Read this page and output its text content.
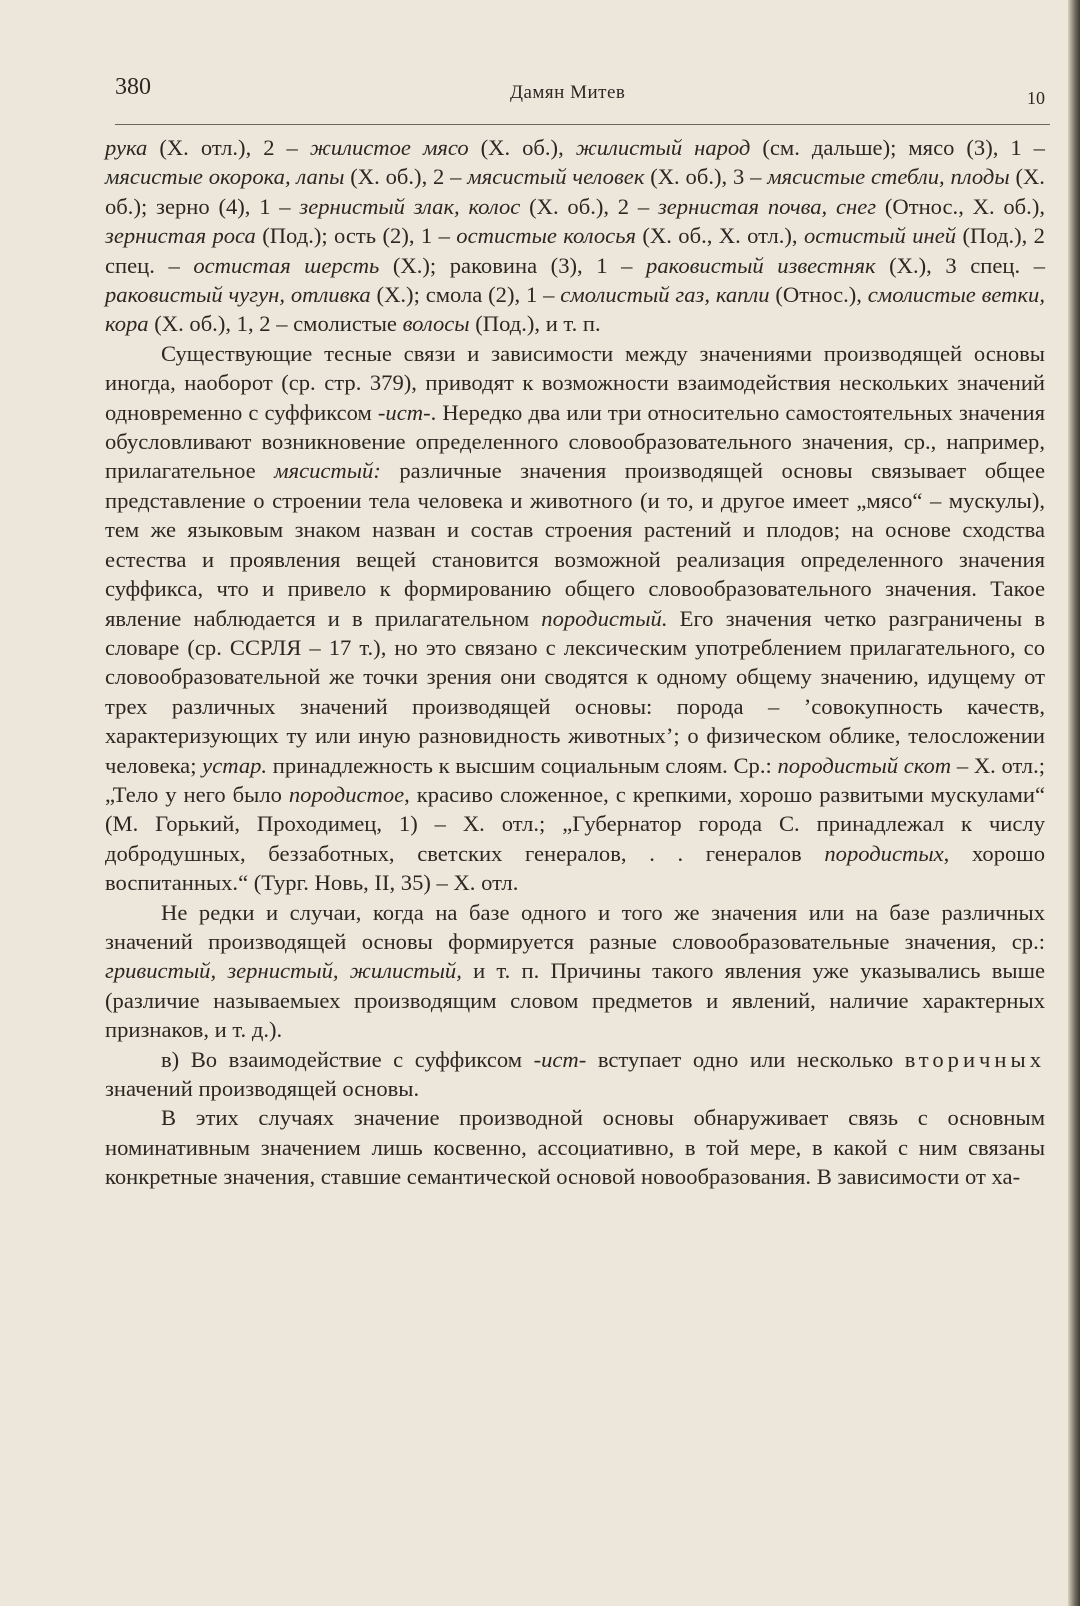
380	Дамян Митев	10

рука (Х. отл.), 2 – жилистое мясо (Х. об.), жилистый народ (см. дальше); мясо (3), 1 – мясистые окорока, лапы (Х. об.), 2 – мясистый человек (Х. об.), 3 – мясистые стебли, плоды (Х. об.); зерно (4), 1 – зернистый злак, колос (Х. об.), 2 – зернистая почва, снег (Относ., Х. об.), зернистая роса (Под.); ость (2), 1 – остистые колосья (Х. об., Х. отл.), остистый иней (Под.), 2 спец. – остистая шерсть (Х.); раковина (3), 1 – раковистый известняк (Х.), 3 спец. – раковистый чугун, отливка (Х.); смола (2), 1 – смолистый газ, капли (Относ.), смолистые ветки, кора (Х. об.), 1, 2 – смолистые волосы (Под.), и т. п.

Существующие тесные связи и зависимости между значениями производящей основы иногда, наоборот (ср. стр. 379), приводят к возможности взаимодействия нескольких значений одновременно с суффиксом -ист-. Нередко два или три относительно самостоятельных значения обусловливают возникновение определенного словообразовательного значения, ср., например, прилагательное мясистый: различные значения производящей основы связывает общее представление о строении тела человека и животного (и то, и другое имеет „мясо“ – мускулы), тем же языковым знаком назван и состав строения растений и плодов; на основе сходства естества и проявления вещей становится возможной реализация определенного значения суффикса, что и привело к формированию общего словообразовательного значения. Такое явление наблюдается и в прилагательном породистый. Его значения четко разграничены в словаре (ср. ССРЛЯ – 17 т.), но это связано с лексическим употреблением прилагательного, со словообразовательной же точки зрения они сводятся к одному общему значению, идущему от трех различных значений производящей основы: порода – ’совокупность качеств, характеризующих ту или иную разновидность животных’; о физическом облике, телосложении человека; устар. принадлежность к высшим социальным слоям. Ср.: породистый скот – Х. отл.; „Тело у него было породистое, красиво сложенное, с крепкими, хорошо развитыми мускулами“ (М. Горький, Проходимец, 1) – Х. отл.; „Губернатор города С. принадлежал к числу добродушных, беззаботных, светских генералов, . . генералов породистых, хорошо воспитанных.“ (Тург. Новь, II, 35) – Х. отл.

Не редки и случаи, когда на базе одного и того же значения или на базе различных значений производящей основы формируется разные словообразовательные значения, ср.: гривистый, зернистый, жилистый, и т. п. Причины такого явления уже указывались выше (различие называемыех производящим словом предметов и явлений, наличие характерных признаков, и т. д.).

в) Во взаимодействие с суффиксом -ист- вступает одно или несколько вторичных значений производящей основы.

В этих случаях значение производной основы обнаруживает связь с основным номинативным значением лишь косвенно, ассоциативно, в той мере, в какой с ним связаны конкретные значения, ставшие семантической основой новообразования. В зависимости от ха-
